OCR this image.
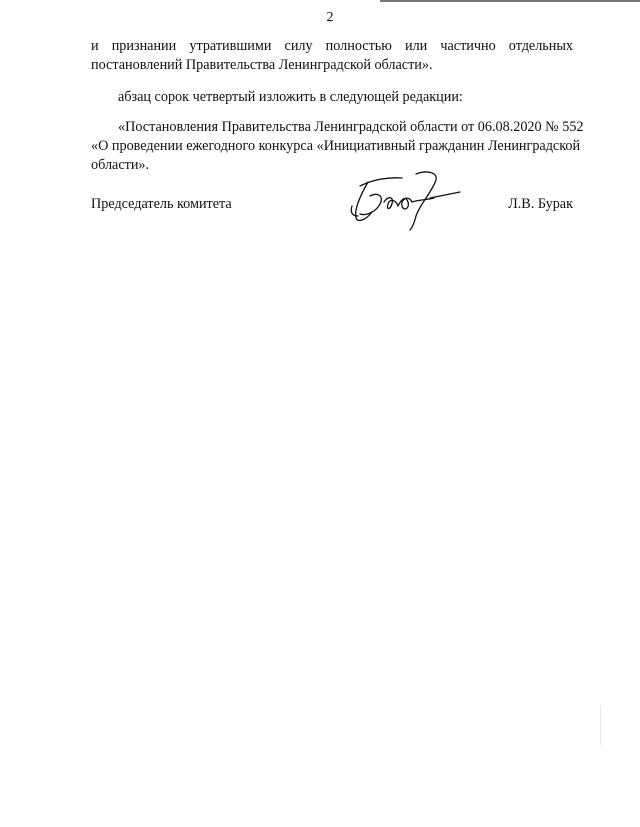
2
и признании утратившими силу полностью или частично отдельных
постановлений Правительства Ленинградской области».
абзац сорок четвертый изложить в следующей редакции:
«Постановления Правительства Ленинградской области от 06.08.2020 № 552
«О проведении ежегодного конкурса «Инициативный гражданин Ленинградской
области».
Председатель комитета	Л.В. Бурак
